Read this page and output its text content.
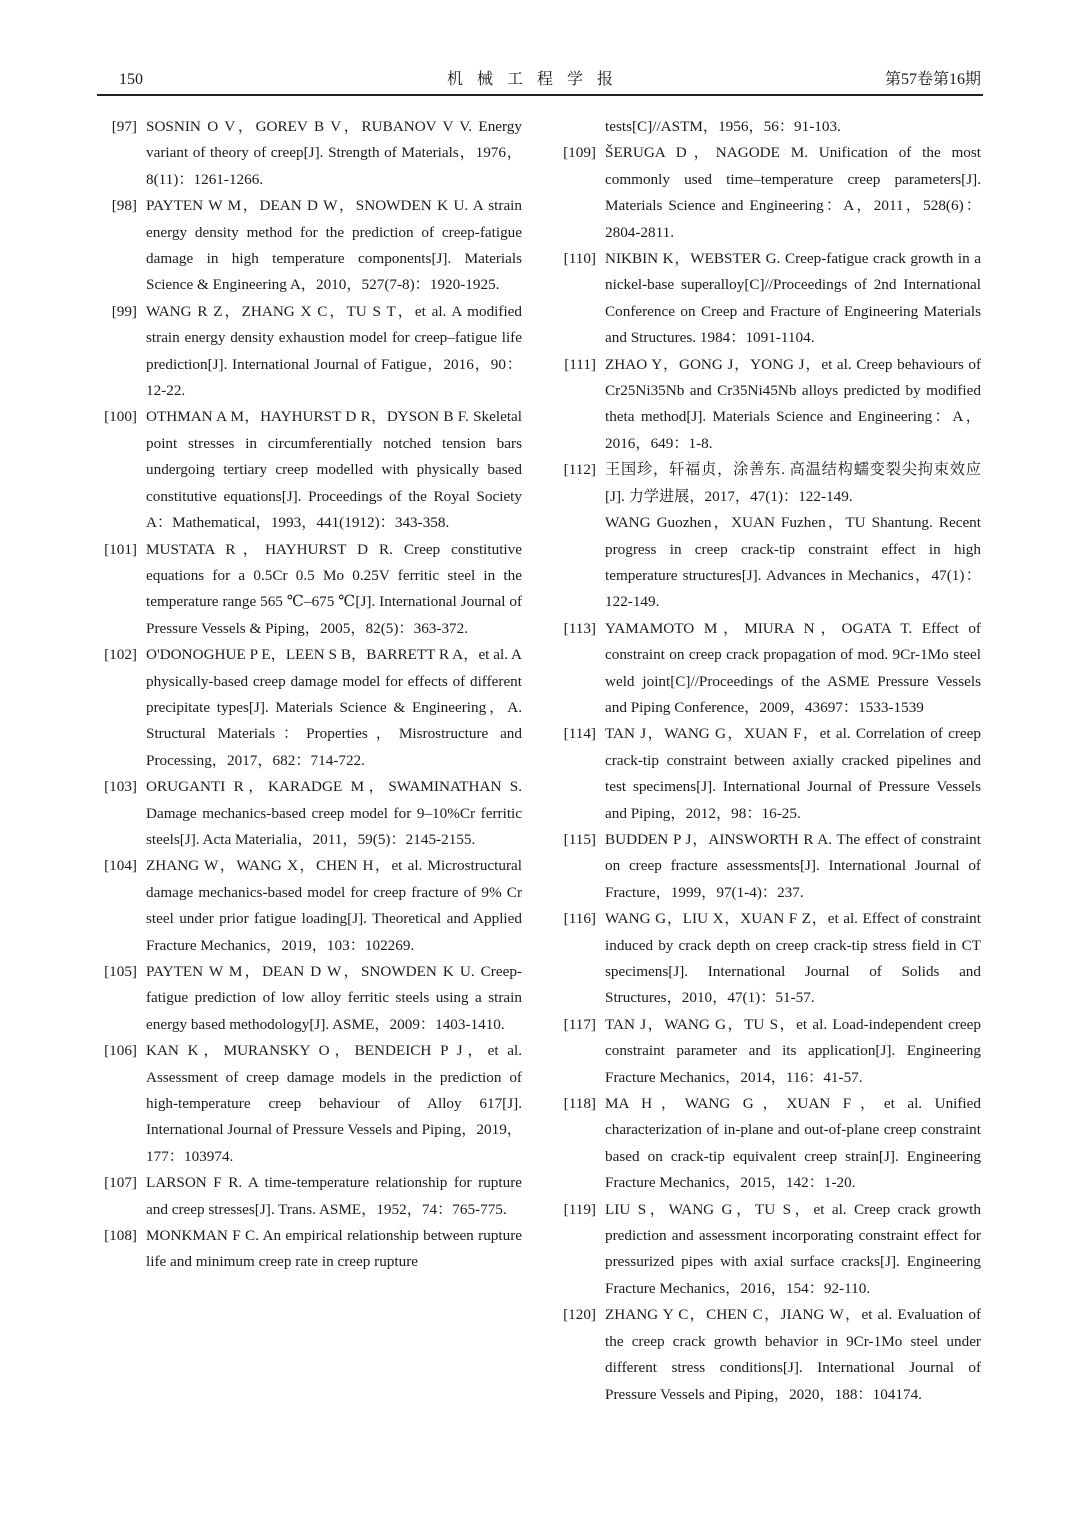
150	机械工程学报	第57卷第16期
[97] SOSNIN O V，GOREV B V，RUBANOV V V. Energy variant of theory of creep[J]. Strength of Materials，1976，8(11)：1261-1266.
[98] PAYTEN W M，DEAN D W，SNOWDEN K U. A strain energy density method for the prediction of creep-fatigue damage in high temperature components[J]. Materials Science & Engineering A，2010，527(7-8)：1920-1925.
[99] WANG R Z，ZHANG X C，TU S T，et al. A modified strain energy density exhaustion model for creep–fatigue life prediction[J]. International Journal of Fatigue，2016，90：12-22.
[100] OTHMAN A M，HAYHURST D R，DYSON B F. Skeletal point stresses in circumferentially notched tension bars undergoing tertiary creep modelled with physically based constitutive equations[J]. Proceedings of the Royal Society A：Mathematical，1993，441(1912)：343-358.
[101] MUSTATA R，HAYHURST D R. Creep constitutive equations for a 0.5Cr 0.5 Mo 0.25V ferritic steel in the temperature range 565 ℃–675 ℃[J]. International Journal of Pressure Vessels & Piping，2005，82(5)：363-372.
[102] O'DONOGHUE P E，LEEN S B，BARRETT R A，et al. A physically-based creep damage model for effects of different precipitate types[J]. Materials Science & Engineering，A. Structural Materials：Properties，Misrostructure and Processing，2017，682：714-722.
[103] ORUGANTI R，KARADGE M，SWAMINATHAN S. Damage mechanics-based creep model for 9–10%Cr ferritic steels[J]. Acta Materialia，2011，59(5)：2145-2155.
[104] ZHANG W，WANG X，CHEN H，et al. Microstructural damage mechanics-based model for creep fracture of 9% Cr steel under prior fatigue loading[J]. Theoretical and Applied Fracture Mechanics，2019，103：102269.
[105] PAYTEN W M，DEAN D W，SNOWDEN K U. Creep-fatigue prediction of low alloy ferritic steels using a strain energy based methodology[J]. ASME，2009：1403-1410.
[106] KAN K，MURANSKY O，BENDEICH P J，et al. Assessment of creep damage models in the prediction of high-temperature creep behaviour of Alloy 617[J]. International Journal of Pressure Vessels and Piping，2019，177：103974.
[107] LARSON F R. A time-temperature relationship for rupture and creep stresses[J]. Trans. ASME，1952，74：765-775.
[108] MONKMAN F C. An empirical relationship between rupture life and minimum creep rate in creep rupture
tests[C]//ASTM，1956，56：91-103.
[109] ŠERUGA D，NAGODE M. Unification of the most commonly used time–temperature creep parameters[J]. Materials Science and Engineering：A，2011，528(6)：2804-2811.
[110] NIKBIN K，WEBSTER G. Creep-fatigue crack growth in a nickel-base superalloy[C]//Proceedings of 2nd International Conference on Creep and Fracture of Engineering Materials and Structures. 1984：1091-1104.
[111] ZHAO Y，GONG J，YONG J，et al. Creep behaviours of Cr25Ni35Nb and Cr35Ni45Nb alloys predicted by modified theta method[J]. Materials Science and Engineering：A，2016，649：1-8.
[112] 王国珍，轩福贞，涂善东. 高温结构蠕变裂尖拘束效应[J]. 力学进展，2017，47(1)：122-149.
WANG Guozhen，XUAN Fuzhen，TU Shantung. Recent progress in creep crack-tip constraint effect in high temperature structures[J]. Advances in Mechanics，47(1)：122-149.
[113] YAMAMOTO M，MIURA N，OGATA T. Effect of constraint on creep crack propagation of mod. 9Cr-1Mo steel weld joint[C]//Proceedings of the ASME Pressure Vessels and Piping Conference，2009，43697：1533-1539
[114] TAN J，WANG G，XUAN F，et al. Correlation of creep crack-tip constraint between axially cracked pipelines and test specimens[J]. International Journal of Pressure Vessels and Piping，2012，98：16-25.
[115] BUDDEN P J，AINSWORTH R A. The effect of constraint on creep fracture assessments[J]. International Journal of Fracture，1999，97(1-4)：237.
[116] WANG G，LIU X，XUAN F Z，et al. Effect of constraint induced by crack depth on creep crack-tip stress field in CT specimens[J]. International Journal of Solids and Structures，2010，47(1)：51-57.
[117] TAN J，WANG G，TU S，et al. Load-independent creep constraint parameter and its application[J]. Engineering Fracture Mechanics，2014，116：41-57.
[118] MA H，WANG G，XUAN F，et al. Unified characterization of in-plane and out-of-plane creep constraint based on crack-tip equivalent creep strain[J]. Engineering Fracture Mechanics，2015，142：1-20.
[119] LIU S，WANG G，TU S，et al. Creep crack growth prediction and assessment incorporating constraint effect for pressurized pipes with axial surface cracks[J]. Engineering Fracture Mechanics，2016，154：92-110.
[120] ZHANG Y C，CHEN C，JIANG W，et al. Evaluation of the creep crack growth behavior in 9Cr-1Mo steel under different stress conditions[J]. International Journal of Pressure Vessels and Piping，2020，188：104174.
